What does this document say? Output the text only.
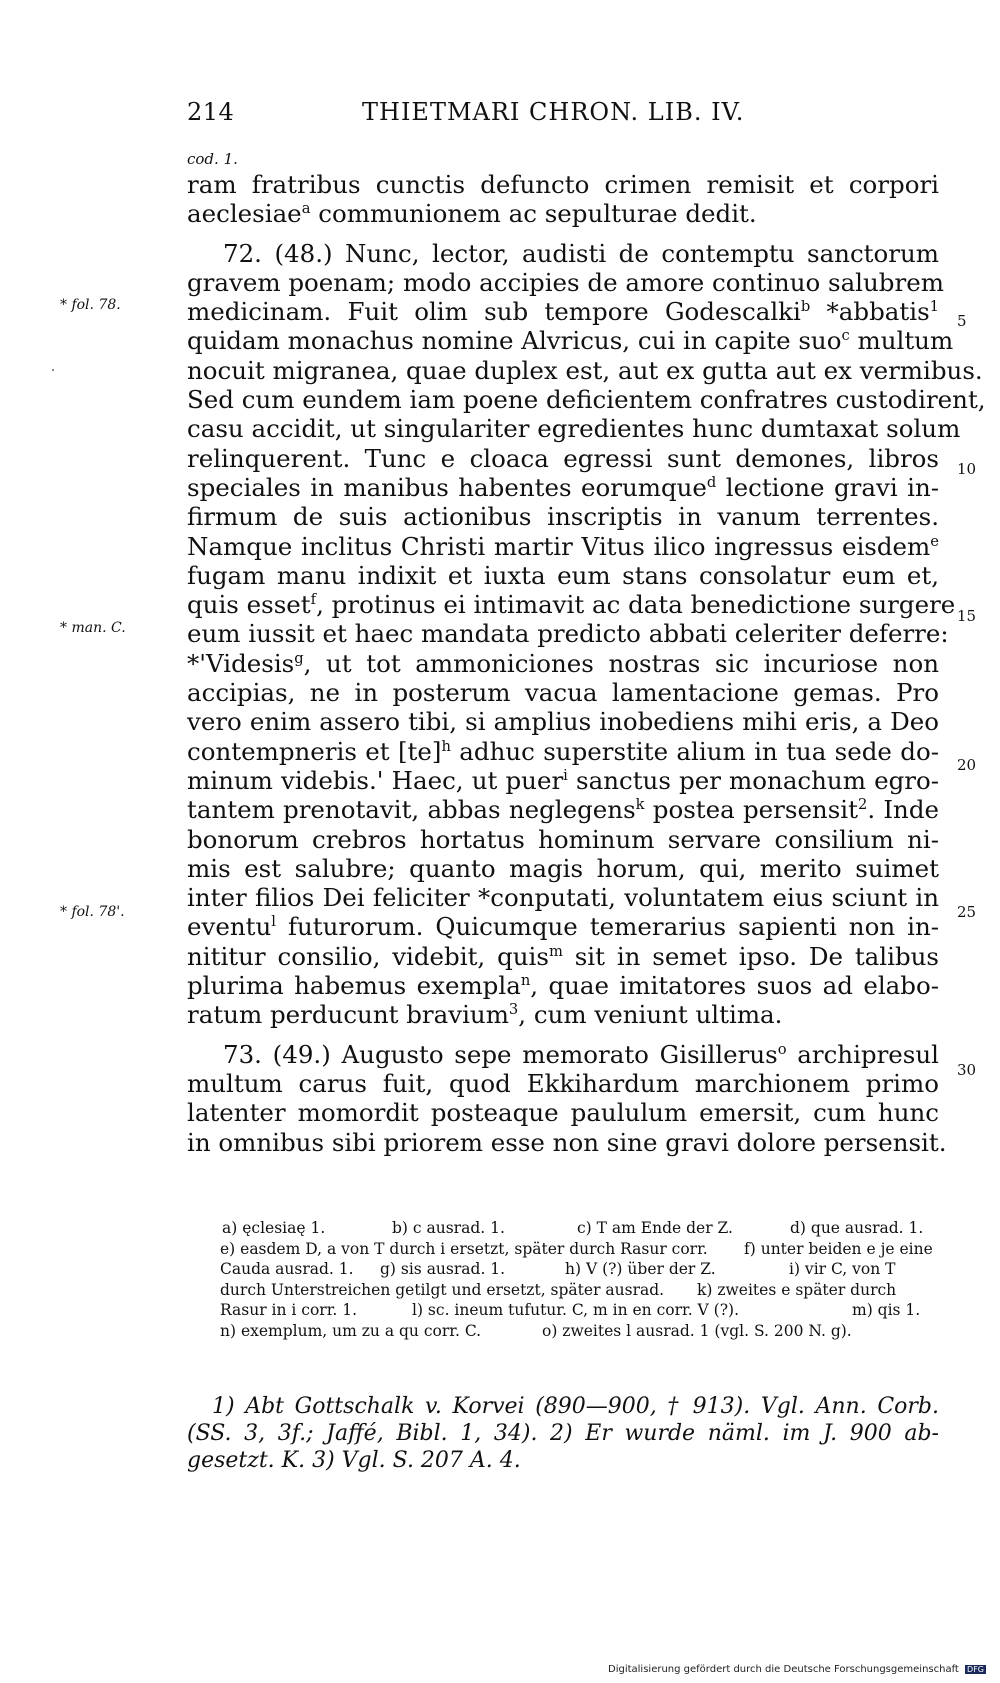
214	THIETMARI CHRON. LIB. IV.
cod. 1.
ram fratribus cunctis defuncto crimen remisit et corpori
aeclesiae$^a$ communionem ac sepulturae dedit.
72. (48.) Nunc, lector, audisti de contemptu sanctorum
gravem poenam; modo accipies de amore continuo salubrem
medicinam. Fuit olim sub tempore Godescalki$^b$ *abbatis$^1$
quidam monachus nomine Alvricus, cui in capite suo$^c$ multum
nocuit migranea, quae duplex est, aut ex gutta aut ex vermibus.
Sed cum eundem iam poene deficientem confratres custodirent,
casu accidit, ut singulariter egredientes hunc dumtaxat solum
relinquerent. Tunc e cloaca egressi sunt demones, libros
speciales in manibus habentes eorumque$^d$ lectione gravi in-
firmum de suis actionibus inscriptis in vanum terrentes.
Namque inclitus Christi martir Vitus ilico ingressus eisdem$^e$
fugam manu indixit et iuxta eum stans consolatur eum et,
quis esset$^f$, protinus ei intimavit ac data benedictione surgere
eum iussit et haec mandata predicto abbati celeriter deferre:
*'Videsis$^g$, ut tot ammoniciones nostras sic incuriose non
accipias, ne in posterum vacua lamentacione gemas. Pro
vero enim assero tibi, si amplius inobediens mihi eris, a Deo
contempneris et [te]$^h$ adhuc superstite alium in tua sede do-
minum videbis.' Haec, ut puer$^i$ sanctus per monachum egro-
tantem prenotavit, abbas neglegens$^k$ postea persensit$^2$. Inde
bonorum crebros hortatus hominum servare consilium ni-
mis est salubre; quanto magis horum, qui, merito suimet
inter filios Dei feliciter *conputati, voluntatem eius sciunt in
eventu$^l$ futurorum. Quicumque temerarius sapienti non in-
nititur consilio, videbit, quis$^m$ sit in semet ipso. De talibus
plurima habemus exempla$^n$, quae imitatores suos ad elabo-
ratum perducunt bravium$^3$, cum veniunt ultima.
73. (49.) Augusto sepe memorato Gisillerus$^o$ archipresul
multum carus fuit, quod Ekkihardum marchionem primo
latenter momordit posteaque paululum emersit, cum hunc
in omnibus sibi priorem esse non sine gravi dolore persensit.
* fol. 78.
* man. C.
* fol. 78'.
5
10
15
20
25
30
a) ęclesiaę 1.	b) c ausrad. 1.	c) T am Ende der Z.	d) que ausrad. 1.
e) easdem D, a von T durch i ersetzt, später durch Rasur corr. f) unter beiden e je eine
Cauda ausrad. 1. g) sis ausrad. 1.	h) V (?) über der Z.	i) vir C, von T
durch Unterstreichen getilgt und ersetzt, später ausrad. k) zweites e später durch
Rasur in i corr. 1.	l) sc. ineum tufutur. C, m in en corr. V (?).	m) qis 1.
n) exemplum, um zu a qu corr. C.	o) zweites l ausrad. 1 (vgl. S. 200 N. g).
1) Abt Gottschalk v. Korvei (890—900, † 913). Vgl. Ann. Corb.
(SS. 3, 3f.; Jaffé, Bibl. 1, 34). 2) Er wurde näml. im J. 900 ab-
gesetzt. K. 3) Vgl. S. 207 A. 4.
Digitalisierung gefördert durch die Deutsche Forschungsgemeinschaft DFG
